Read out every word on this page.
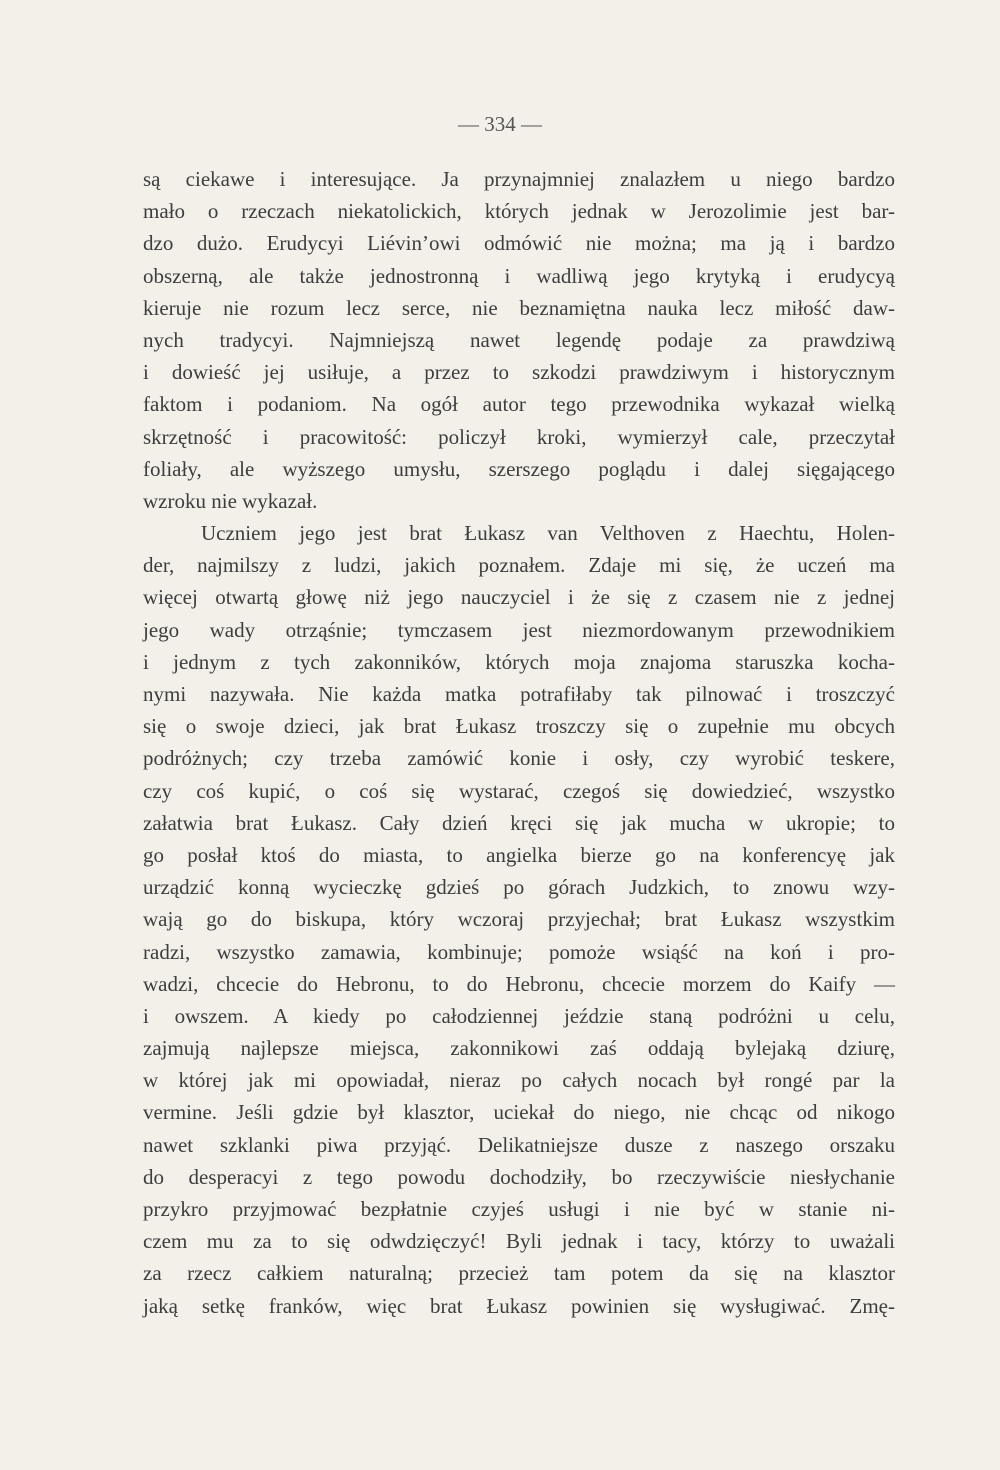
— 334 —
są ciekawe i interesujące. Ja przynajmniej znalazłem u niego bardzo
mało o rzeczach niekatolickich, których jednak w Jerozolimie jest bar-
dzo dużo. Erudycyi Liévin’owi odmówić nie można; ma ją i bardzo
obszerną, ale także jednostronną i wadliwą jego krytyką i erudycyą
kieruje nie rozum lecz serce, nie beznamiętna nauka lecz miłość daw-
nych tradycyi. Najmniejszą nawet legendę podaje za prawdziwą
i dowieść jej usiłuje, a przez to szkodzi prawdziwym i historycznym
faktom i podaniom. Na ogół autor tego przewodnika wykazał wielką
skrzętność i pracowitość: policzył kroki, wymierzył cale, przeczytał
foliały, ale wyższego umysłu, szerszego poglądu i dalej sięgającego
wzroku nie wykazał.
Uczniem jego jest brat Łukasz van Velthoven z Haechtu, Holen-
der, najmilszy z ludzi, jakich poznałem. Zdaje mi się, że uczeń ma
więcej otwartą głowę niż jego nauczyciel i że się z czasem nie z jednej
jego wady otrząśnie; tymczasem jest niezmordowanym przewodnikiem
i jednym z tych zakonników, których moja znajoma staruszka kocha-
nymi nazywała. Nie każda matka potrafiłaby tak pilnować i troszczyć
się o swoje dzieci, jak brat Łukasz troszczy się o zupełnie mu obcych
podróżnych; czy trzeba zamówić konie i osły, czy wyrobić teskere,
czy coś kupić, o coś się wystarać, czegoś się dowiedzieć, wszystko
załatwia brat Łukasz. Cały dzień kręci się jak mucha w ukropie; to
go posłał ktoś do miasta, to angielka bierze go na konferencyę jak
urządzić konną wycieczkę gdzieś po górach Judzkich, to znowu wzy-
wają go do biskupa, który wczoraj przyjechał; brat Łukasz wszystkim
radzi, wszystko zamawia, kombinuje; pomoże wsiąść na koń i pro-
wadzi, chcecie do Hebronu, to do Hebronu, chcecie morzem do Kaify —
i owszem. A kiedy po całodziennej jeździe staną podróżni u celu,
zajmują najlepsze miejsca, zakonnikowi zaś oddają bylejaką dziurę,
w której jak mi opowiadał, nieraz po całych nocach był rongé par la
vermine. Jeśli gdzie był klasztor, uciekał do niego, nie chcąc od nikogo
nawet szklanki piwa przyjąć. Delikatniejsze dusze z naszego orszaku
do desperacyi z tego powodu dochodziły, bo rzeczywiście niesłychanie
przykro przyjmować bezpłatnie czyjeś usługi i nie być w stanie ni-
czem mu za to się odwdzięczyć! Byli jednak i tacy, którzy to uważali
za rzecz całkiem naturalną; przecież tam potem da się na klasztor
jaką setkę franków, więc brat Łukasz powinien się wysługiwać. Zmę-
